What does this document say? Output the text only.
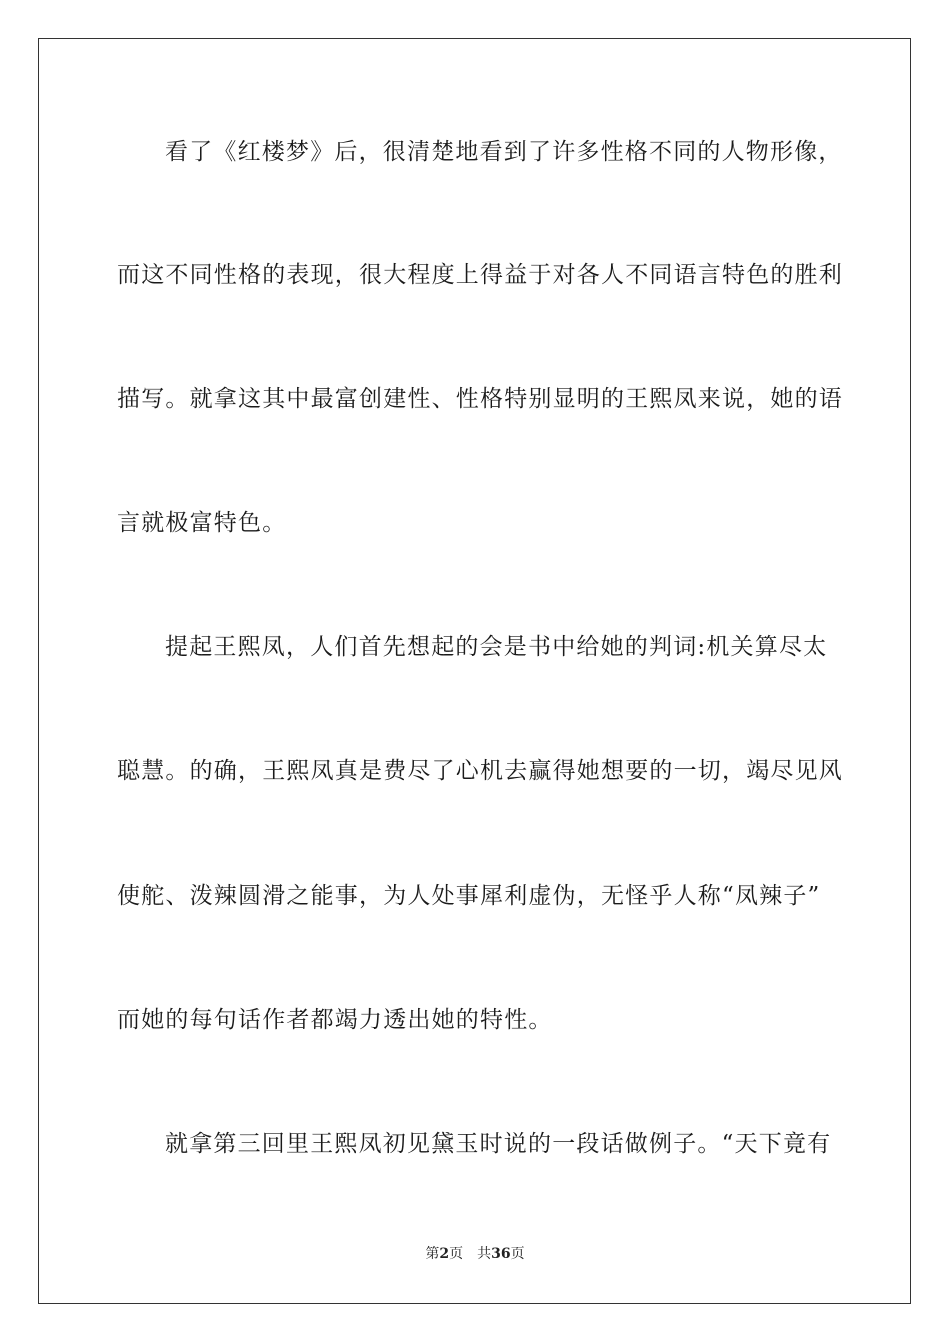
看了《红楼梦》后，很清楚地看到了许多性格不同的人物形像，
而这不同性格的表现，很大程度上得益于对各人不同语言特色的胜利
描写。就拿这其中最富创建性、性格特别显明的王熙凤来说，她的语
言就极富特色。
提起王熙凤，人们首先想起的会是书中给她的判词:机关算尽太
聪慧。的确，王熙凤真是费尽了心机去赢得她想要的一切，竭尽见风
使舵、泼辣圆滑之能事，为人处事犀利虚伪，无怪乎人称“凤辣子”
而她的每句话作者都竭力透出她的特性。
就拿第三回里王熙凤初见黛玉时说的一段话做例子。“天下竟有
第2页 共36页
